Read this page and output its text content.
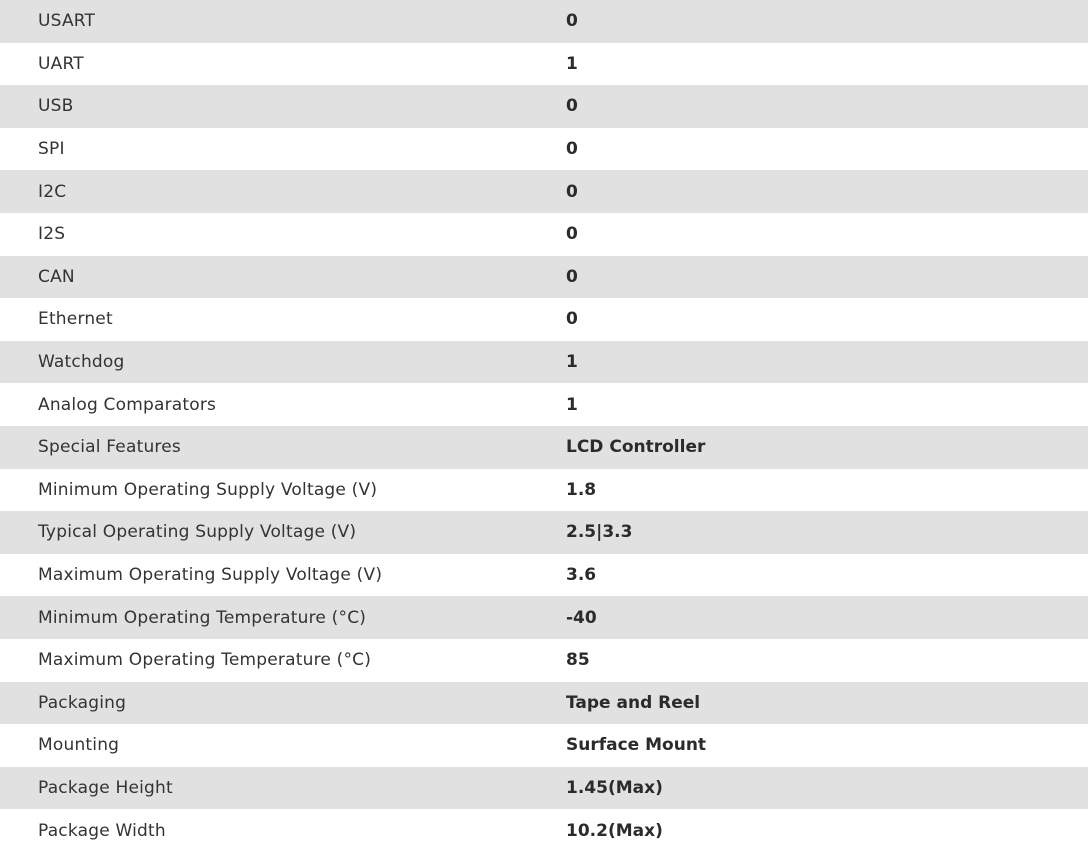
USART	0
UART	1
USB	0
SPI	0
I2C	0
I2S	0
CAN	0
Ethernet	0
Watchdog	1
Analog Comparators	1
Special Features	LCD Controller
Minimum Operating Supply Voltage (V)	1.8
Typical Operating Supply Voltage (V)	2.5|3.3
Maximum Operating Supply Voltage (V)	3.6
Minimum Operating Temperature (°C)	-40
Maximum Operating Temperature (°C)	85
Packaging	Tape and Reel
Mounting	Surface Mount
Package Height	1.45(Max)
Package Width	10.2(Max)
